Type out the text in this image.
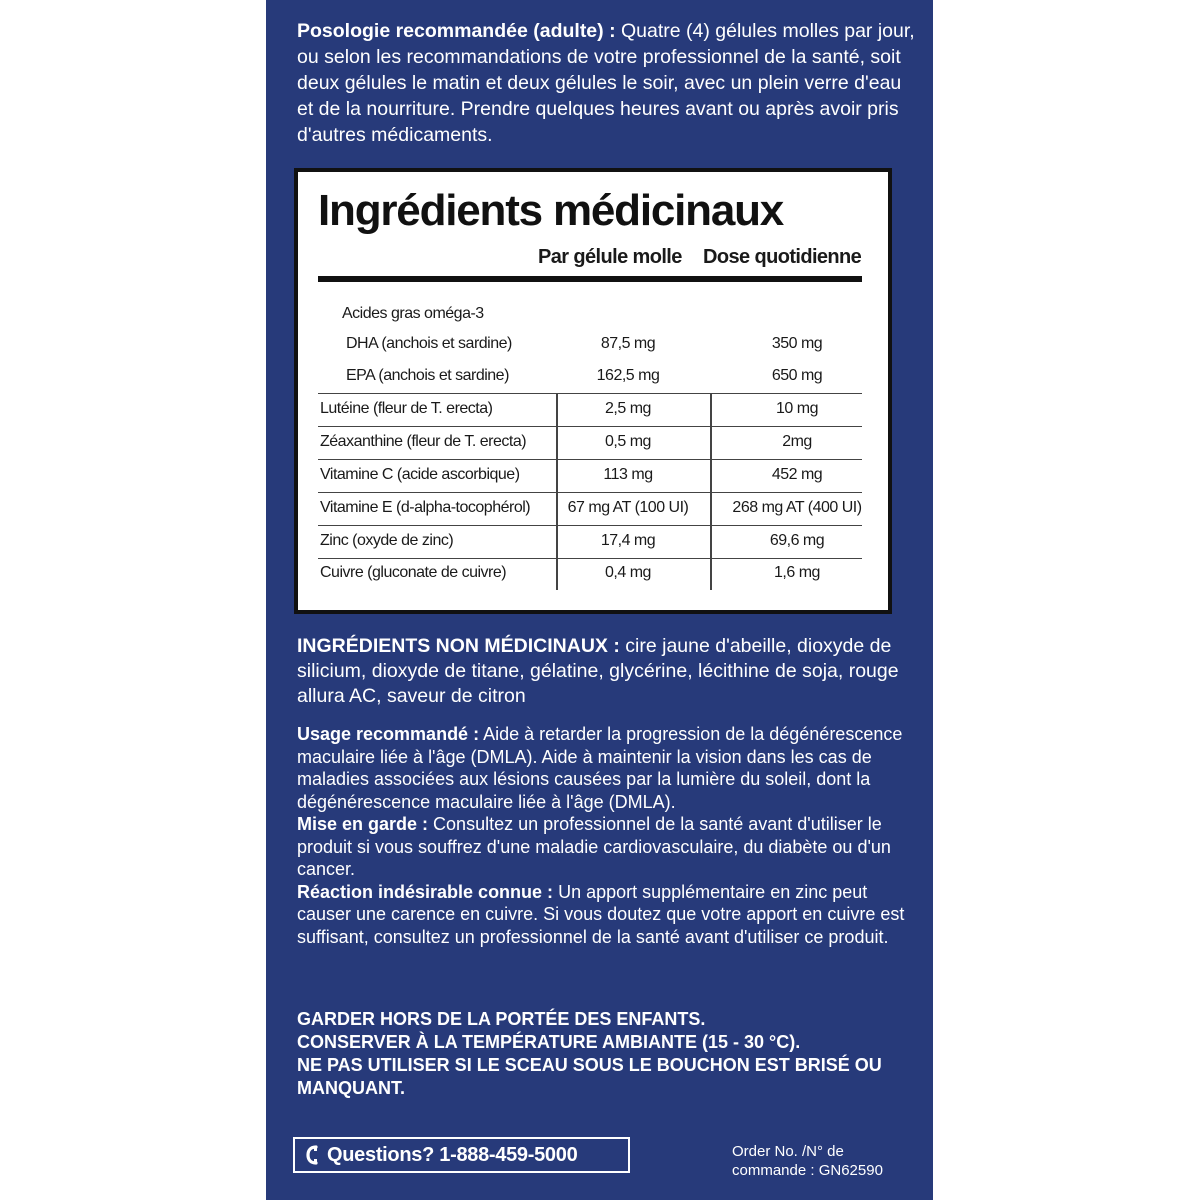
Posologie recommandée (adulte) : Quatre (4) gélules molles par jour, ou selon les recommandations de votre professionnel de la santé, soit deux gélules le matin et deux gélules le soir, avec un plein verre d'eau et de la nourriture. Prendre quelques heures avant ou après avoir pris d'autres médicaments.
Ingrédients médicinaux
Par gélule molle Dose quotidienne
Acides gras oméga-3
DHA (anchois et sardine)	87,5 mg	350 mg
EPA (anchois et sardine)	162,5 mg	650 mg
Lutéine (fleur de T. erecta)	2,5 mg	10 mg
Zéaxanthine (fleur de T. erecta)	0,5 mg	2mg
Vitamine C (acide ascorbique)	113 mg	452 mg
Vitamine E (d-alpha-tocophérol)	67 mg AT (100 UI)	268 mg AT (400 UI)
Zinc (oxyde de zinc)	17,4 mg	69,6 mg
Cuivre (gluconate de cuivre)	0,4 mg	1,6 mg
INGRÉDIENTS NON MÉDICINAUX : cire jaune d'abeille, dioxyde de silicium, dioxyde de titane, gélatine, glycérine, lécithine de soja, rouge allura AC, saveur de citron
Usage recommandé : Aide à retarder la progression de la dégénérescence maculaire liée à l'âge (DMLA). Aide à maintenir la vision dans les cas de maladies associées aux lésions causées par la lumière du soleil, dont la dégénérescence maculaire liée à l'âge (DMLA).
Mise en garde : Consultez un professionnel de la santé avant d'utiliser le produit si vous souffrez d'une maladie cardiovasculaire, du diabète ou d'un cancer.
Réaction indésirable connue : Un apport supplémentaire en zinc peut causer une carence en cuivre. Si vous doutez que votre apport en cuivre est suffisant, consultez un professionnel de la santé avant d'utiliser ce produit.
GARDER HORS DE LA PORTÉE DES ENFANTS.
CONSERVER À LA TEMPÉRATURE AMBIANTE (15 - 30 °C).
NE PAS UTILISER SI LE SCEAU SOUS LE BOUCHON EST BRISÉ OU MANQUANT.
Questions? 1-888-459-5000	Order No. /N° de
commande : GN62590
